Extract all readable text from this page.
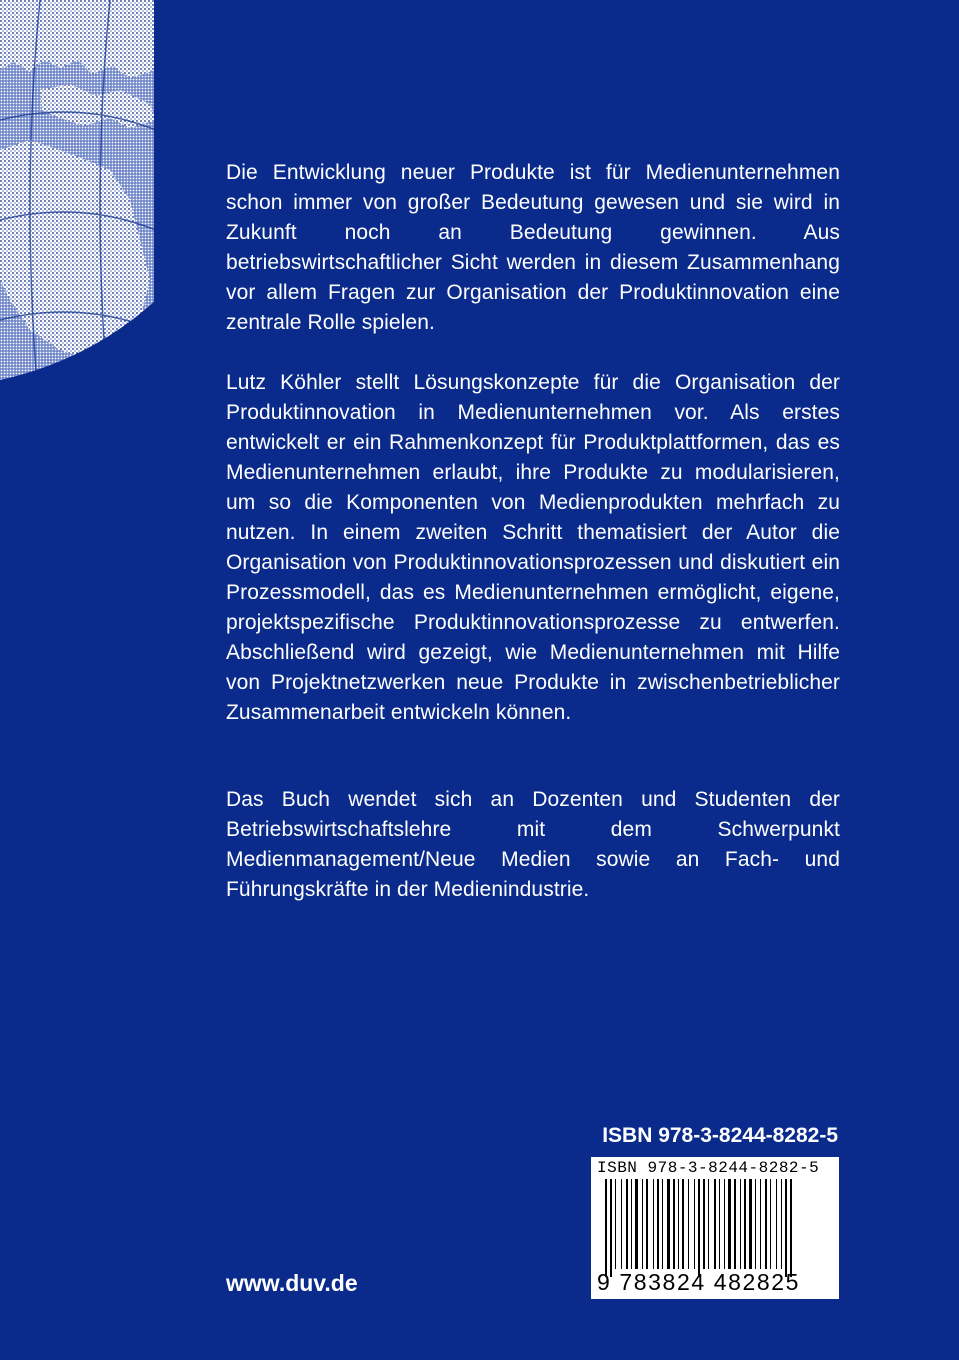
Die Entwicklung neuer Produkte ist für Medienunternehmen schon immer von großer Bedeutung gewesen und sie wird in Zukunft noch an Bedeutung gewinnen. Aus betriebswirtschaftlicher Sicht werden in diesem Zusammenhang vor allem Fragen zur Organisation der Produktinnovation eine zentrale Rolle spielen.

Lutz Köhler stellt Lösungskonzepte für die Organisation der Produktinnovation in Medienunternehmen vor. Als erstes entwickelt er ein Rahmenkonzept für Produktplattformen, das es Medienunternehmen erlaubt, ihre Produkte zu modularisieren, um so die Komponenten von Medienprodukten mehrfach zu nutzen. In einem zweiten Schritt thematisiert der Autor die Organisation von Produktinnovationsprozessen und diskutiert ein Prozessmodell, das es Medienunternehmen ermöglicht, eigene, projektspezifische Produktinnovationsprozesse zu entwerfen. Abschließend wird gezeigt, wie Medienunternehmen mit Hilfe von Projektnetzwerken neue Produkte in zwischenbetrieblicher Zusammenarbeit entwickeln können.

Das Buch wendet sich an Dozenten und Studenten der Betriebswirtschaftslehre mit dem Schwerpunkt Medienmanagement/Neue Medien sowie an Fach- und Führungskräfte in der Medienindustrie.

ISBN 978-3-8244-8282-5

ISBN 978-3-8244-8282-5
9 783824 482825

www.duv.de
